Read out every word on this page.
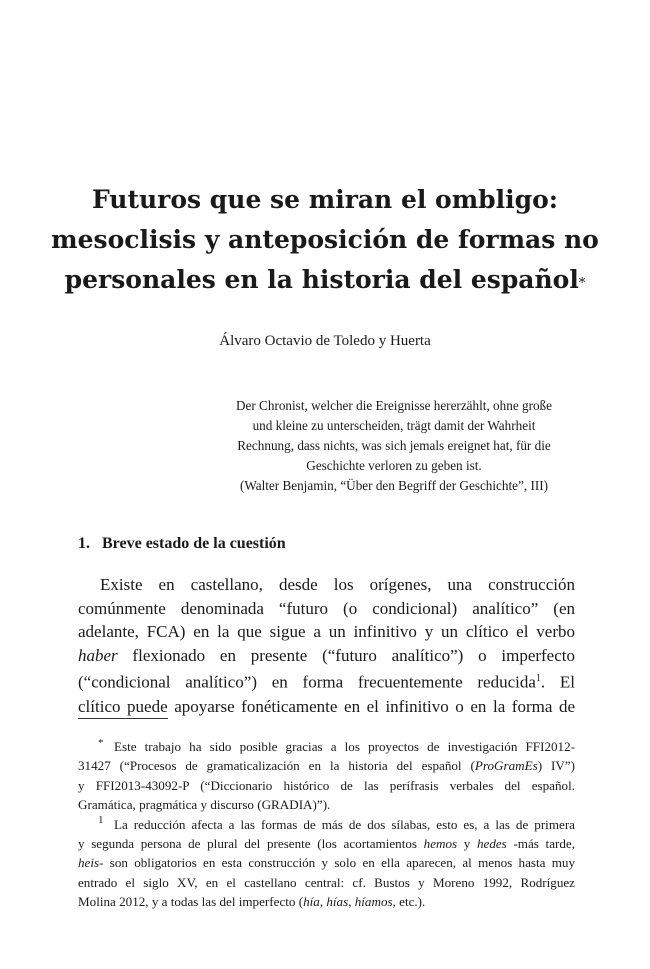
Futuros que se miran el ombligo:
mesoclisis y anteposición de formas no
personales en la historia del español*
Álvaro Octavio de Toledo y Huerta
Der Chronist, welcher die Ereignisse hererzählt, ohne große
und kleine zu unterscheiden, trägt damit der Wahrheit
Rechnung, dass nichts, was sich jemals ereignet hat, für die
Geschichte verloren zu geben ist.
(Walter Benjamin, “Über den Begriff der Geschichte”, III)
1. Breve estado de la cuestión
Existe en castellano, desde los orígenes, una construcción
comúnmente denominada “futuro (o condicional) analítico” (en
adelante, FCA) en la que sigue a un infinitivo y un clítico el verbo
haber flexionado en presente (“futuro analítico”) o imperfecto
(“condicional analítico”) en forma frecuentemente reducida$^1$. El
clítico puede apoyarse fonéticamente en el infinitivo o en la forma de
* Este trabajo ha sido posible gracias a los proyectos de investigación FFI2012-
31427 (“Procesos de gramaticalización en la historia del español (ProGramEs) IV”)
y FFI2013-43092-P (“Diccionario histórico de las perífrasis verbales del español.
Gramática, pragmática y discurso (GRADIA)”).
1 La reducción afecta a las formas de más de dos sílabas, esto es, a las de primera
y segunda persona de plural del presente (los acortamientos hemos y hedes -más tarde,
heis- son obligatorios en esta construcción y solo en ella aparecen, al menos hasta muy
entrado el siglo XV, en el castellano central: cf. Bustos y Moreno 1992, Rodríguez
Molina 2012, y a todas las del imperfecto (hía, hías, híamos, etc.).
